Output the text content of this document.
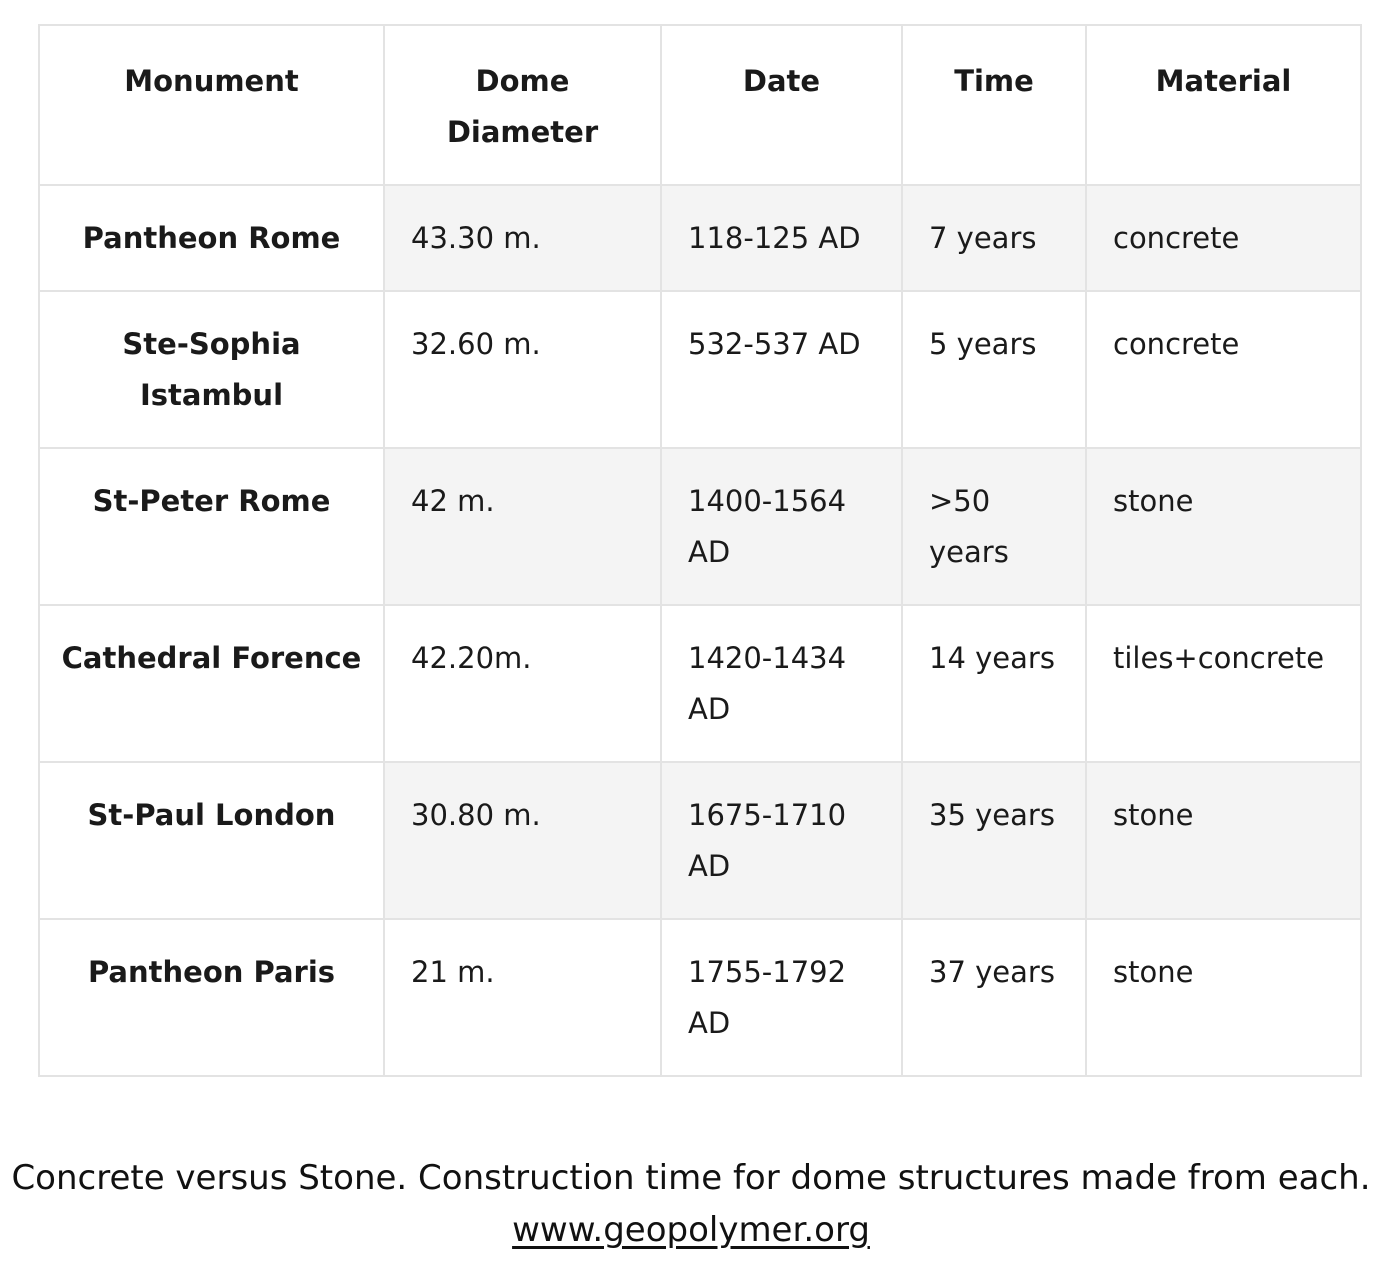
Monument	Dome Diameter	Date	Time	Material
Pantheon Rome	43.30 m.	118-125 AD	7 years	concrete
Ste-Sophia Istambul	32.60 m.	532-537 AD	5 years	concrete
St-Peter Rome	42 m.	1400-1564 AD	>50 years	stone
Cathedral Forence	42.20m.	1420-1434 AD	14 years	tiles+concrete
St-Paul London	30.80 m.	1675-1710 AD	35 years	stone
Pantheon Paris	21 m.	1755-1792 AD	37 years	stone
Concrete versus Stone. Construction time for dome structures made from each.
www.geopolymer.org
